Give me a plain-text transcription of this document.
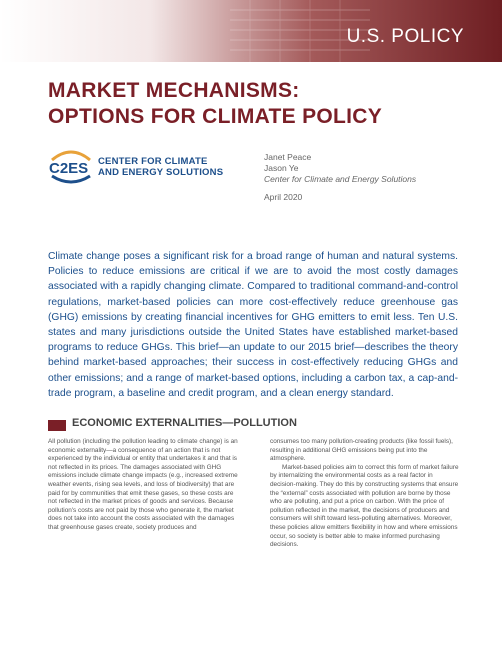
U.S. POLICY
MARKET MECHANISMS:
OPTIONS FOR CLIMATE POLICY
C2ES CENTER FOR CLIMATE
AND ENERGY SOLUTIONS
Janet Peace
Jason Ye
Center for Climate and Energy Solutions
April 2020

Climate change poses a significant risk for a broad range of human and natural systems. Policies to reduce emissions are critical if we are to avoid the most costly damages associated with a rapidly changing climate. Compared to traditional command-and-control regulations, market-based policies can more cost-effectively reduce greenhouse gas (GHG) emissions by creating financial incentives for GHG emitters to emit less. Ten U.S. states and many jurisdictions outside the United States have established market-based programs to reduce GHGs. This brief—an update to our 2015 brief—describes the theory behind market-based approaches; their success in cost-effectively reducing GHGs and other emissions; and a range of market-based options, including a carbon tax, a cap-and-trade program, a baseline and credit program, and a clean energy standard.

ECONOMIC EXTERNALITIES—POLLUTION

All pollution (including the pollution leading to climate change) is an economic externality—a consequence of an action that is not experienced by the individual or entity that undertakes it and that is not reflected in its prices. The damages associated with GHG emissions include climate change impacts (e.g., increased extreme weather events, rising sea levels, and loss of biodiversity) that are paid for by communities that emit these gases, so these costs are not reflected in the market prices of goods and services. Because pollution's costs are not paid by those who generate it, the market does not take into account the costs associated with the damages that greenhouse gases create, society produces and

consumes too many pollution-creating products (like fossil fuels), resulting in additional GHG emissions being put into the atmosphere.

Market-based policies aim to correct this form of market failure by internalizing the environmental costs as a real factor in decision-making. They do this by constructing systems that ensure the “external” costs associated with pollution are borne by those who are polluting, and put a price on carbon. With the price of pollution reflected in the market, the decisions of producers and consumers will shift toward less-polluting alternatives. Moreover, these policies allow emitters flexibility in how and where emissions occur, so society is better able to make informed purchasing decisions.
